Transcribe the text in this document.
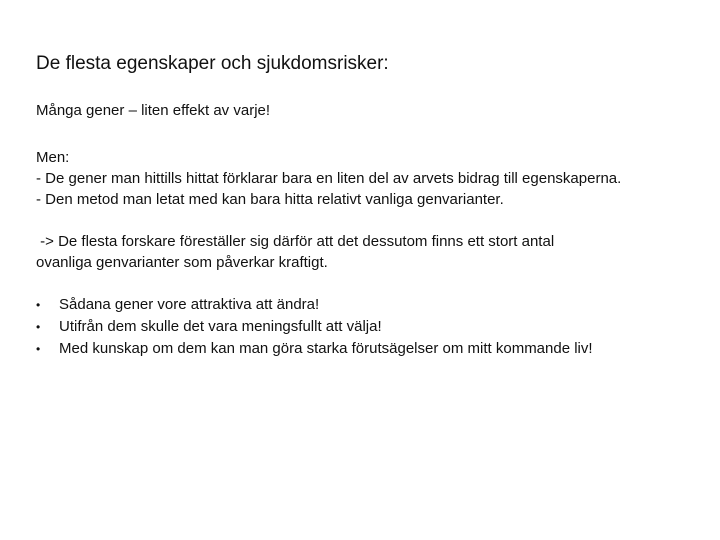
De flesta egenskaper och sjukdomsrisker:
Många gener – liten effekt av varje!
Men:
- De gener man hittills hittat förklarar bara en liten del av arvets bidrag till egenskaperna.
- Den metod man letat med kan bara hitta relativt vanliga genvarianter.
-> De flesta forskare föreställer sig därför att det dessutom finns ett stort antal
ovanliga genvarianter som påverkar kraftigt.
•	Sådana gener vore attraktiva att ändra!
•	Utifrån dem skulle det vara meningsfullt att välja!
•	Med kunskap om dem kan man göra starka förutsägelser om mitt kommande liv!
